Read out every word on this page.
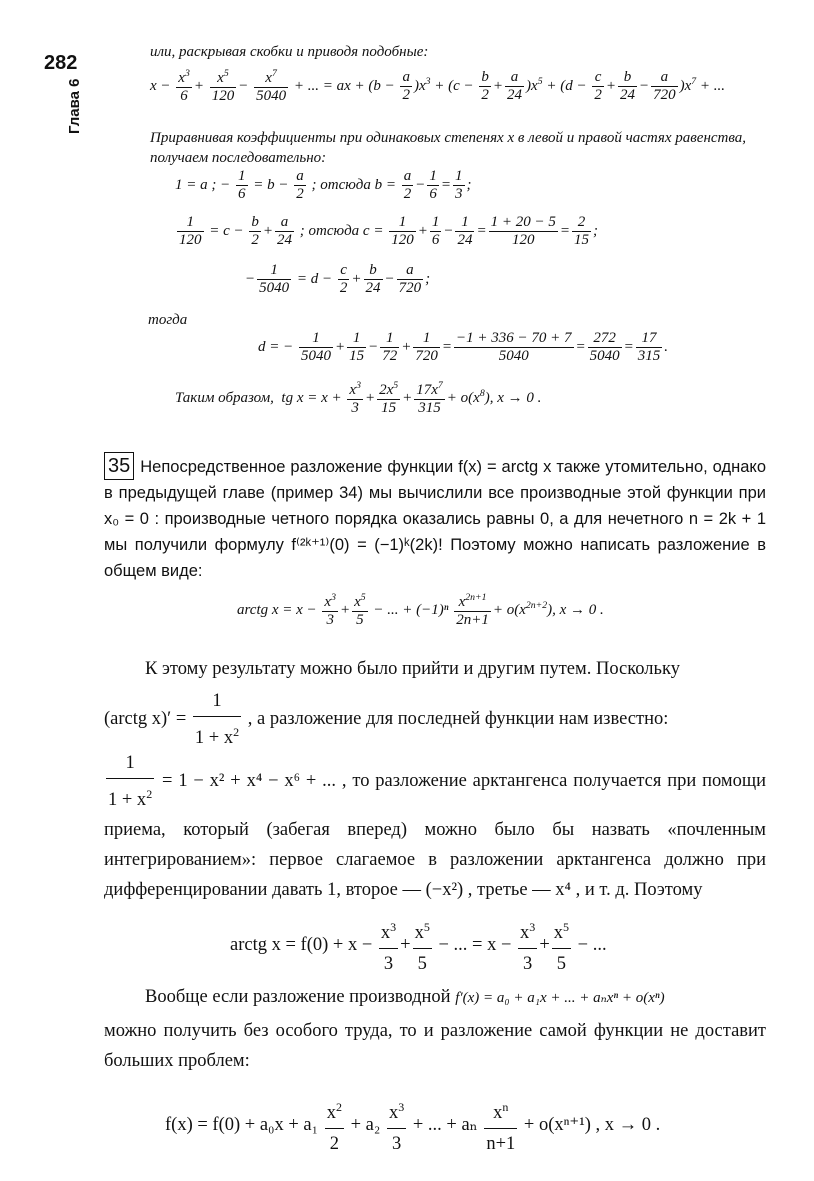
282
Глава 6
или, раскрывая скобки и приводя подобные:
$x - \frac{x^3}{6} + \frac{x^5}{120} - \frac{x^7}{5040}$ + ... = ax + $(b - \frac{a}{2} )x^3 + (c - \frac{b}{2} + \frac{a}{24} )x^5 + (d - \frac{c}{2} + \frac{b}{24} - \frac{a}{720} )x^7$ + ...
Приравнивая коэффициенты при одинаковых степенях x в левой и правой частях равенства, получаем последовательно:
1 = a ; − $\frac{1}{6} = b - \frac{a}{2}$ ; отсюда $b = \frac{a}{2} - \frac{1}{6} = \frac{1}{3}$ ;
$\frac{1}{120} = c - \frac{b}{2} + \frac{a}{24}$ ; отсюда $c = \frac{1}{120} + \frac{1}{6} - \frac{1}{24} = \frac{1 + 20 - 5}{120} = \frac{2}{15}$ ;
− $\frac{1}{5040} = d - \frac{c}{2} + \frac{b}{24} - \frac{a}{720}$ ;
тогда
d = − $\frac{1}{5040} + \frac{1}{15} - \frac{1}{72} + \frac{1}{720} = \frac{-1 + 336 - 70 + 7}{5040} = \frac{272}{5040} = \frac{17}{315}$ .
Таким образом, tg $x = x + \frac{x^3}{3} + \frac{2x^5}{15} + \frac{17x^7}{315} + o(x^8)$, x → 0 .
35 Непосредственное разложение функции f(x) = arctg x также утомительно, однако в предыдущей главе (пример 34) мы вычислили все производные этой функции при x₀ = 0 : производные четного порядка оказались равны 0, а для нечетного n = 2k + 1 мы получили формулу f⁽²ᵏ⁺¹⁾(0) = (−1)ᵏ(2k)! Поэтому можно написать разложение в общем виде:
arctg $x = x - \frac{x^3}{3} + \frac{x^5}{5}$ − ... + $(-1)^n \frac{x^{2n+1}}{2n+1} + o(x^{2n+2})$, x → 0 .
К этому результату можно было прийти и другим путем. Поскольку
(arctg $x)' = \frac{1}{1 + x^2}$ , а разложение для последней функции нам известно:
$\frac{1}{1 + x^2} = 1 - x^2 + x^4 - x^6$ + ... , то разложение арктангенса получается при помощи приема, который (забегая вперед) можно было бы назвать «почленным интегрированием»: первое слагаемое в разложении арктангенса должно при дифференцировании давать 1, второе — (−x²) , третье — x⁴ , и т. д. Поэтому
arctg $x = f(0) + x - \frac{x^3}{3} + \frac{x^5}{5}$ − ... = $x - \frac{x^3}{3} + \frac{x^5}{5}$ − ...
Вообще если разложение производной f′(x) = a₀ + a₁x + ... + aₙxⁿ + o(xⁿ)
можно получить без особого труда, то и разложение самой функции не доставит больших проблем:
$f(x) = f(0) + a_0x + a_1 \frac{x^2}{2} + a_2 \frac{x^3}{3}$ + ... + aₙ $\frac{x^n}{n+1} + o(x^{n+1})$ , x → 0 .
